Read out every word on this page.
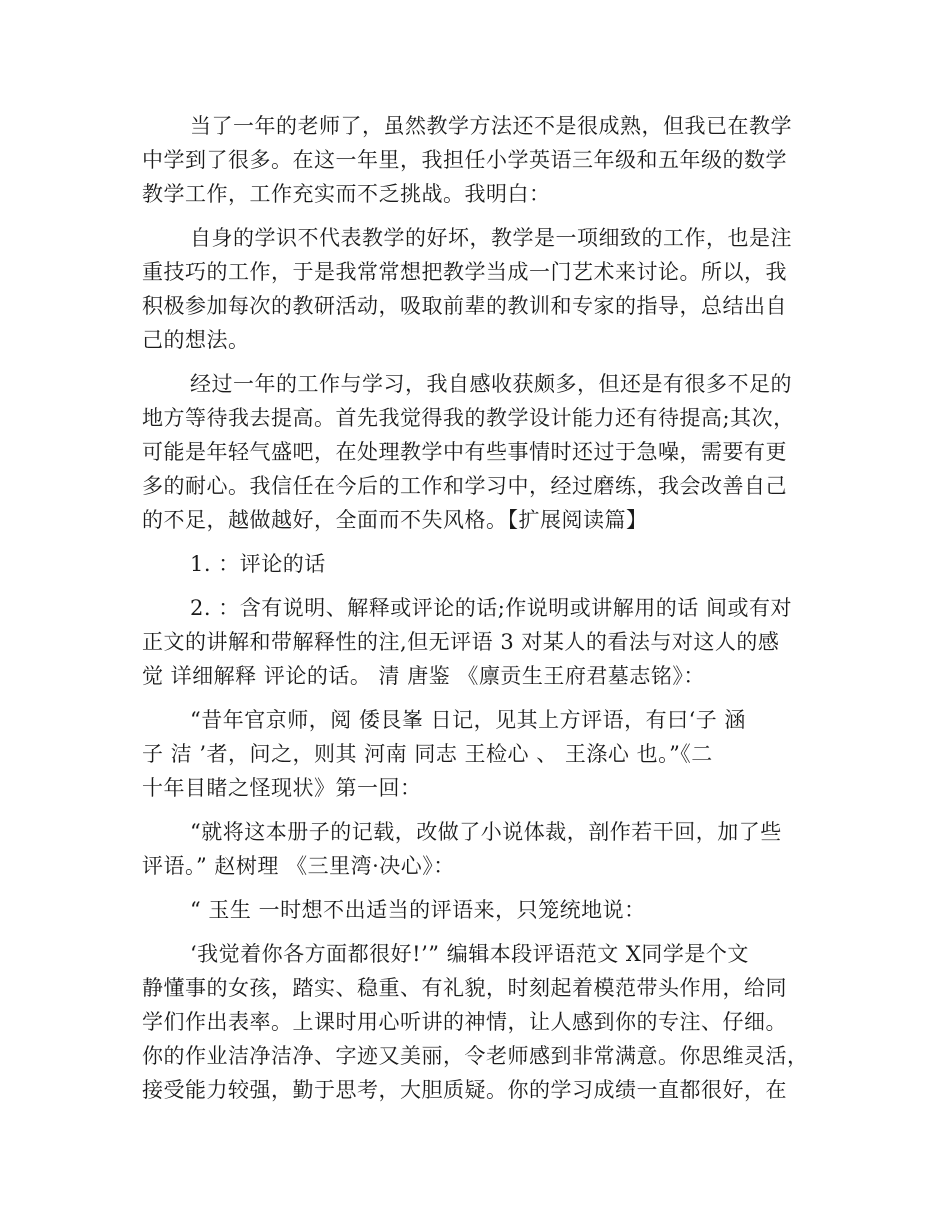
当了一年的老师了，虽然教学方法还不是很成熟，但我已在教学
中学到了很多。在这一年里，我担任小学英语三年级和五年级的数学
教学工作，工作充实而不乏挑战。我明白：
自身的学识不代表教学的好坏，教学是一项细致的工作，也是注
重技巧的工作，于是我常常想把教学当成一门艺术来讨论。所以，我
积极参加每次的教研活动，吸取前辈的教训和专家的指导，总结出自
己的想法。
经过一年的工作与学习，我自感收获颇多，但还是有很多不足的
地方等待我去提高。首先我觉得我的教学设计能力还有待提高;其次，
可能是年轻气盛吧，在处理教学中有些事情时还过于急噪，需要有更
多的耐心。我信任在今后的工作和学习中，经过磨练，我会改善自己
的不足，越做越好，全面而不失风格。【扩展阅读篇】
1. ：评论的话
2. ：含有说明、解释或评论的话;作说明或讲解用的话 间或有对
正文的讲解和带解释性的注,但无评语 3 对某人的看法与对这人的感
觉 详细解释 评论的话。 清 唐鉴 《廪贡生王府君墓志铭》：
“昔年官京师，阅 倭艮峯 日记，见其上方评语，有曰‘子 涵
子 洁 ’者，问之，则其 河南 同志 王检心 、 王涤心 也。”《二
十年目睹之怪现状》第一回：
“就将这本册子的记载，改做了小说体裁，剖作若干回，加了些
评语。” 赵树理 《三里湾·决心》：
“ 玉生 一时想不出适当的评语来，只笼统地说：
‘我觉着你各方面都很好!’” 编辑本段评语范文 X同学是个文
静懂事的女孩，踏实、稳重、有礼貌，时刻起着模范带头作用，给同
学们作出表率。上课时用心听讲的神情，让人感到你的专注、仔细。
你的作业洁净洁净、字迹又美丽，令老师感到非常满意。你思维灵活，
接受能力较强，勤于思考，大胆质疑。你的学习成绩一直都很好，在
